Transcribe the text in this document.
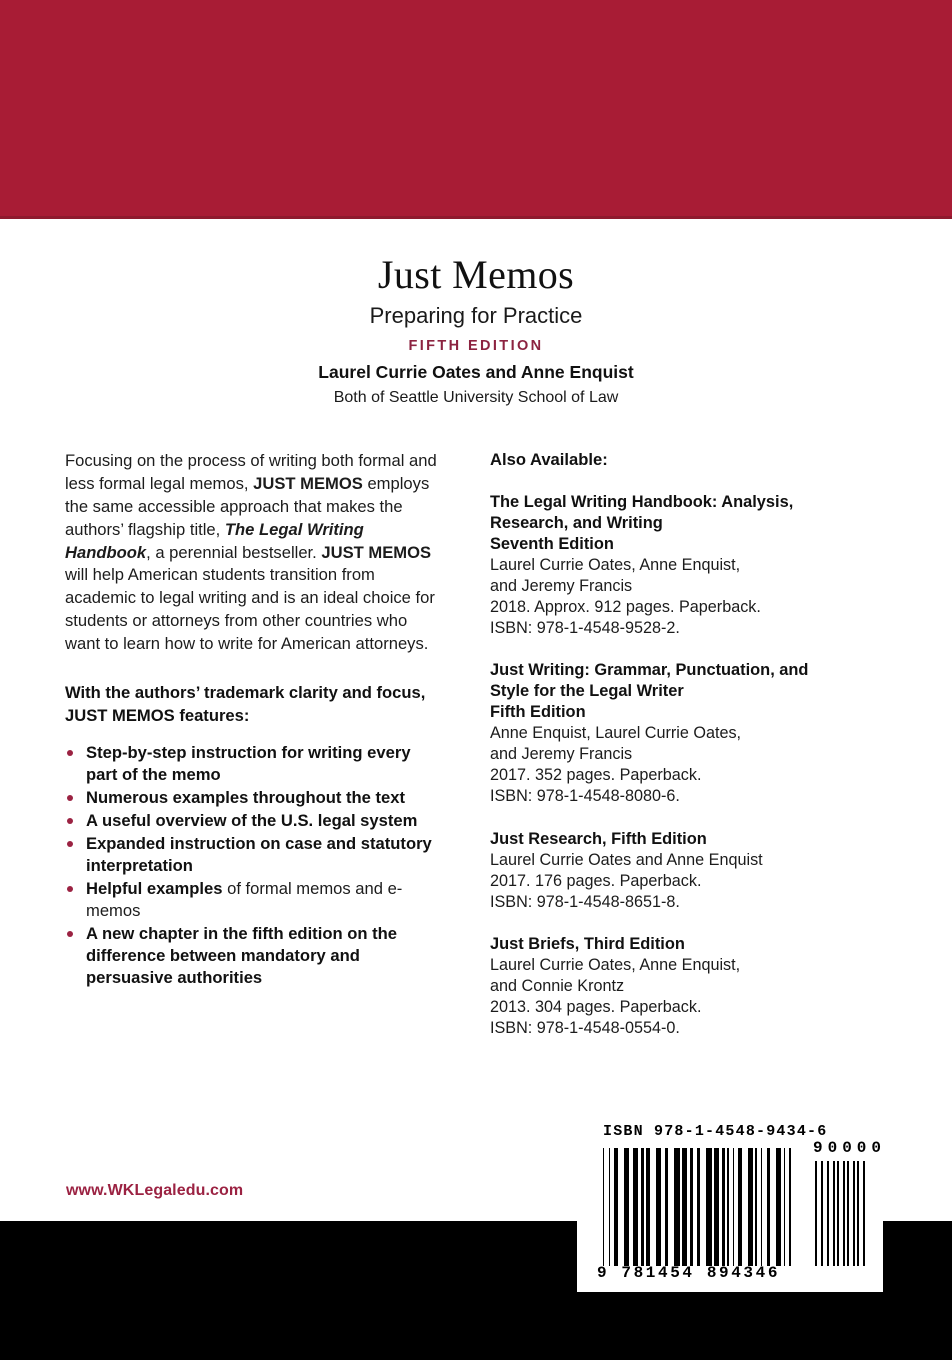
Just Memos
Preparing for Practice
FIFTH EDITION
Laurel Currie Oates and Anne Enquist
Both of Seattle University School of Law

Focusing on the process of writing both formal and less formal legal memos, JUST MEMOS employs the same accessible approach that makes the authors’ flagship title, The Legal Writing Handbook, a perennial bestseller. JUST MEMOS will help American students transition from academic to legal writing and is an ideal choice for students or attorneys from other countries who want to learn how to write for American attorneys.

With the authors’ trademark clarity and focus, JUST MEMOS features:

Step-by-step instruction for writing every part of the memo
Numerous examples throughout the text
A useful overview of the U.S. legal system
Expanded instruction on case and statutory interpretation
Helpful examples of formal memos and e-memos
A new chapter in the fifth edition on the difference between mandatory and persuasive authorities
Also Available:

The Legal Writing Handbook: Analysis, Research, and Writing

Seventh Edition

Laurel Currie Oates, Anne Enquist,

and Jeremy Francis

2018. Approx. 912 pages. Paperback.

ISBN: 978-1-4548-9528-2.

Just Writing: Grammar, Punctuation, and Style for the Legal Writer

Fifth Edition

Anne Enquist, Laurel Currie Oates,

and Jeremy Francis

2017. 352 pages. Paperback.

ISBN: 978-1-4548-8080-6.

Just Research, Fifth Edition

Laurel Currie Oates and Anne Enquist

2017. 176 pages. Paperback.

ISBN: 978-1-4548-8651-8.

Just Briefs, Third Edition

Laurel Currie Oates, Anne Enquist,

and Connie Krontz

2013. 304 pages. Paperback.

ISBN: 978-1-4548-0554-0.

www.WKLegaledu.com
ISBN 978-1-4548-9434-6
9 781454 894346
90000
